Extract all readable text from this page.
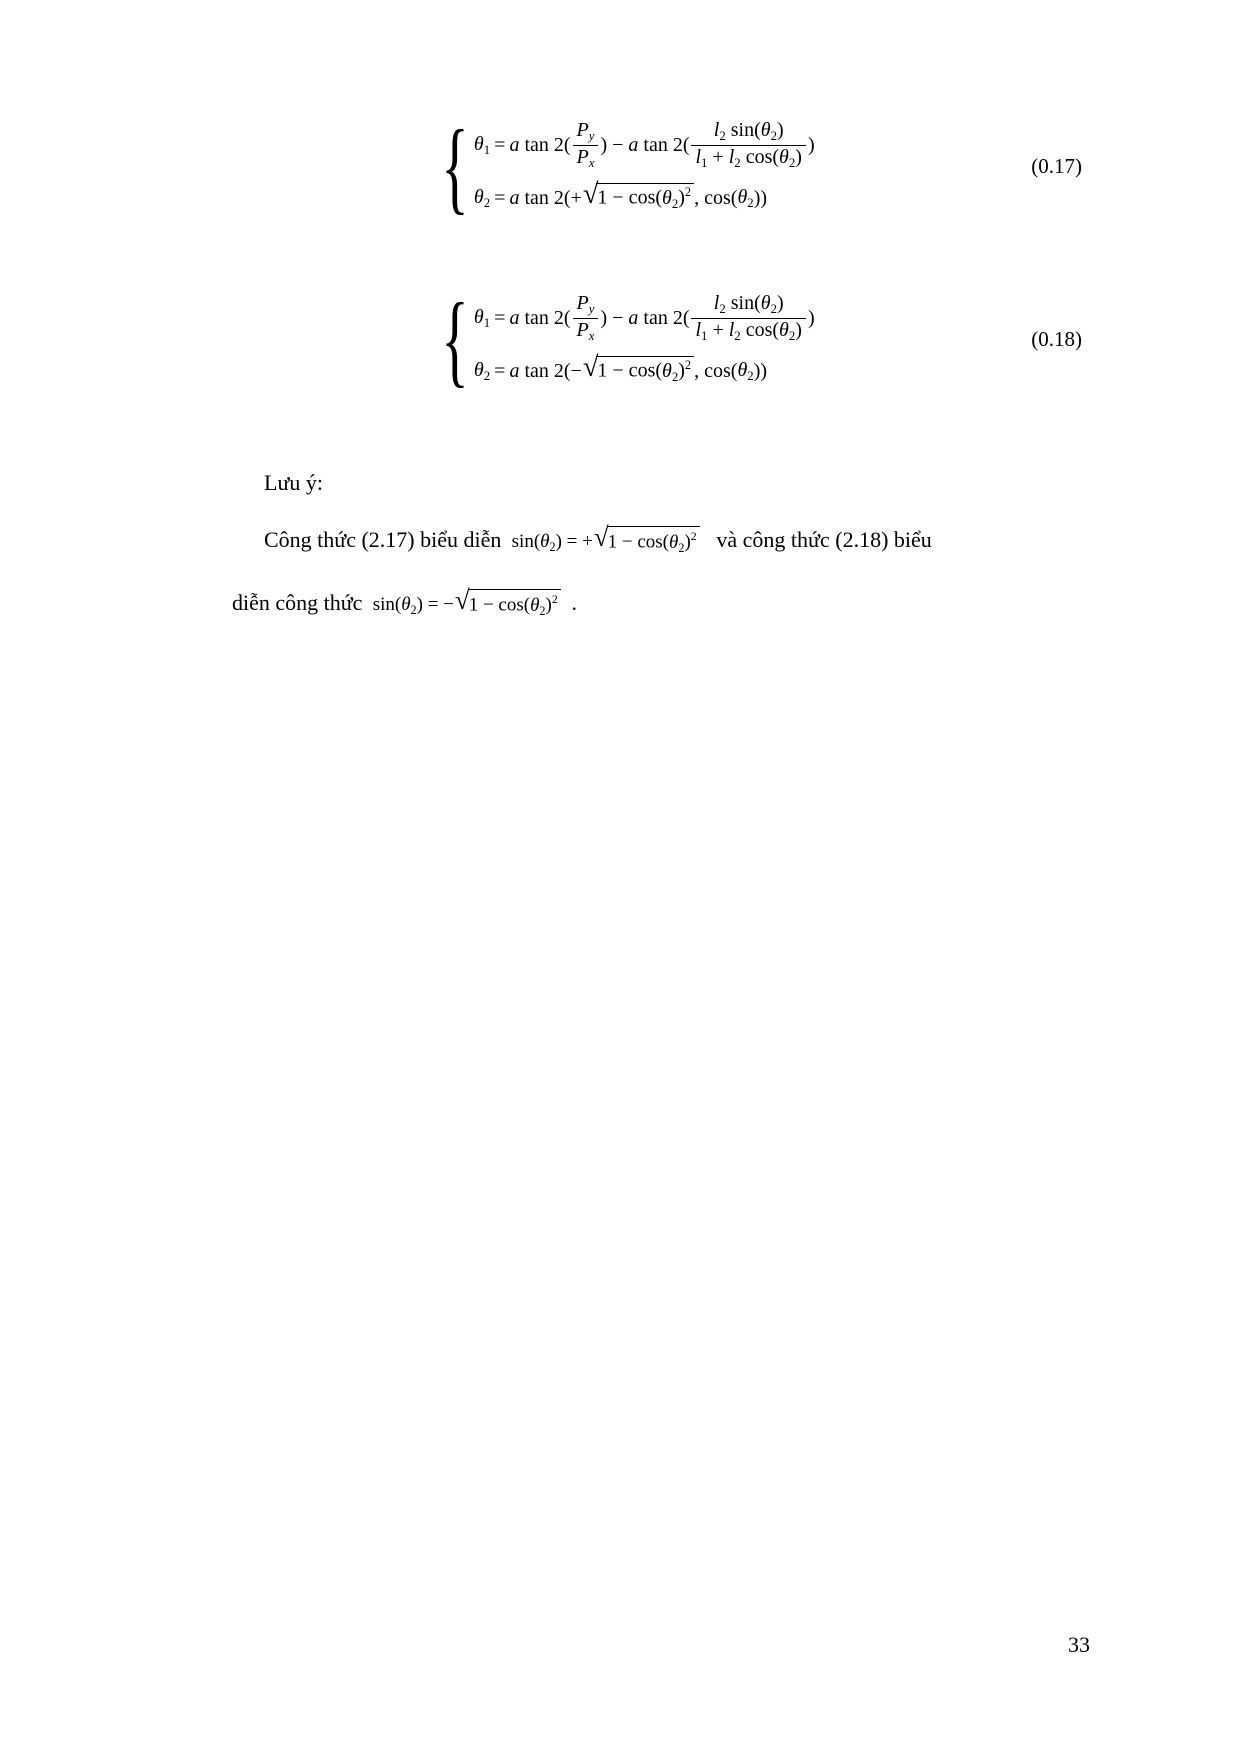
{ $\theta_1 = a$ $\tan 2( \frac{P_y}{P_x}$ ) − a $\tan 2( \frac{l_2 \sin(\theta_2)}{l_1 + l_2 \cos(\theta_2)}$ )
$\theta_2 = a$ tan 2(+ √ $1 - \cos(\theta_2)^2$ , cos( $\theta_2$ ))
(0.17)
{ $\theta_1 = a$ $\tan 2( \frac{P_y}{P_x}$ ) − a $\tan 2( \frac{l_2 \sin(\theta_2)}{l_1 + l_2 \cos(\theta_2)}$ )
$\theta_2 = a$ tan 2(− √ $1 - \cos(\theta_2)^2$ , cos( $\theta_2$ ))
(0.18)
Lưu ý:
Công thức (2.17) biểu diễn  $\sin(\theta_2)$ = + √ $1 - \cos(\theta_2)^2$ và công thức (2.18) biểu
diễn công thức  $\sin(\theta_2)$ = − √ $1 - \cos(\theta_2)^2$ .
33
